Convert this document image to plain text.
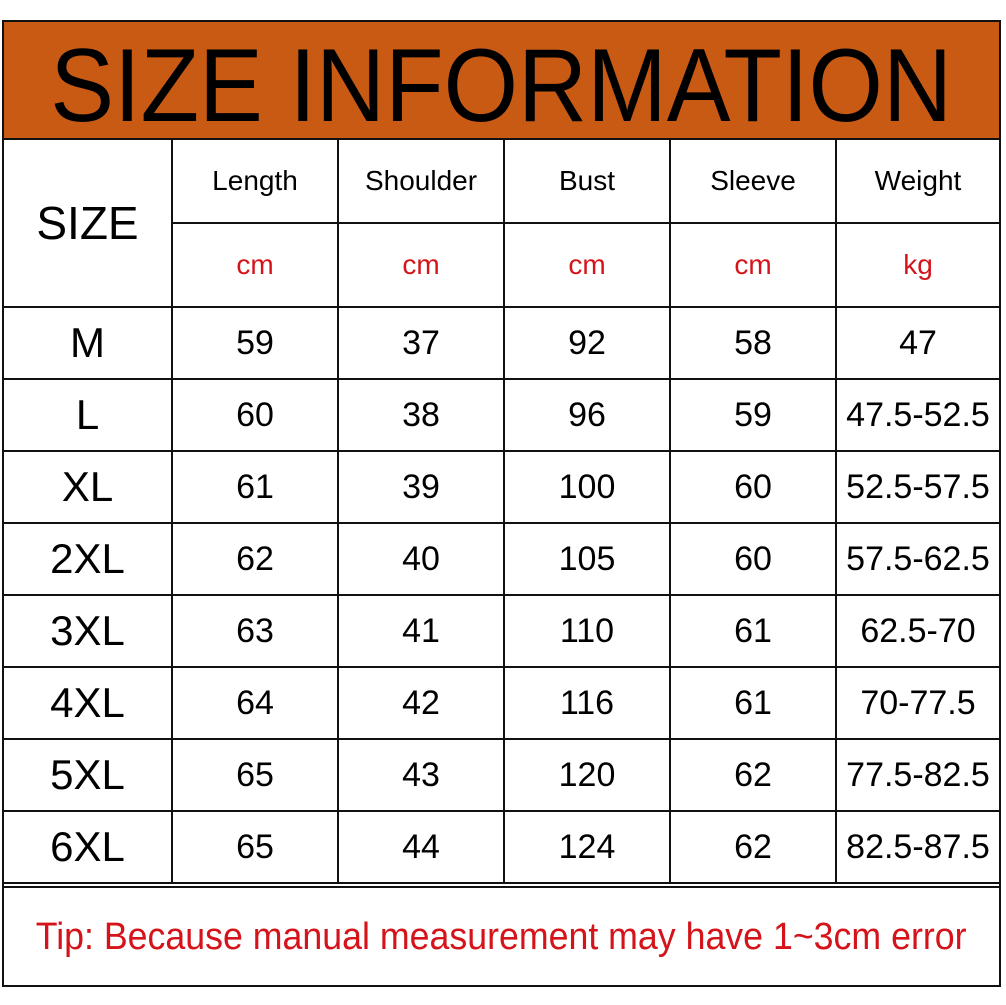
SIZE INFORMATION
SIZE	Length	Shoulder	Bust	Sleeve	Weight
	cm	cm	cm	cm	kg
M	59	37	92	58	47
L	60	38	96	59	47.5-52.5
XL	61	39	100	60	52.5-57.5
2XL	62	40	105	60	57.5-62.5
3XL	63	41	110	61	62.5-70
4XL	64	42	116	61	70-77.5
5XL	65	43	120	62	77.5-82.5
6XL	65	44	124	62	82.5-87.5
Tip: Because manual measurement may have 1~3cm error
